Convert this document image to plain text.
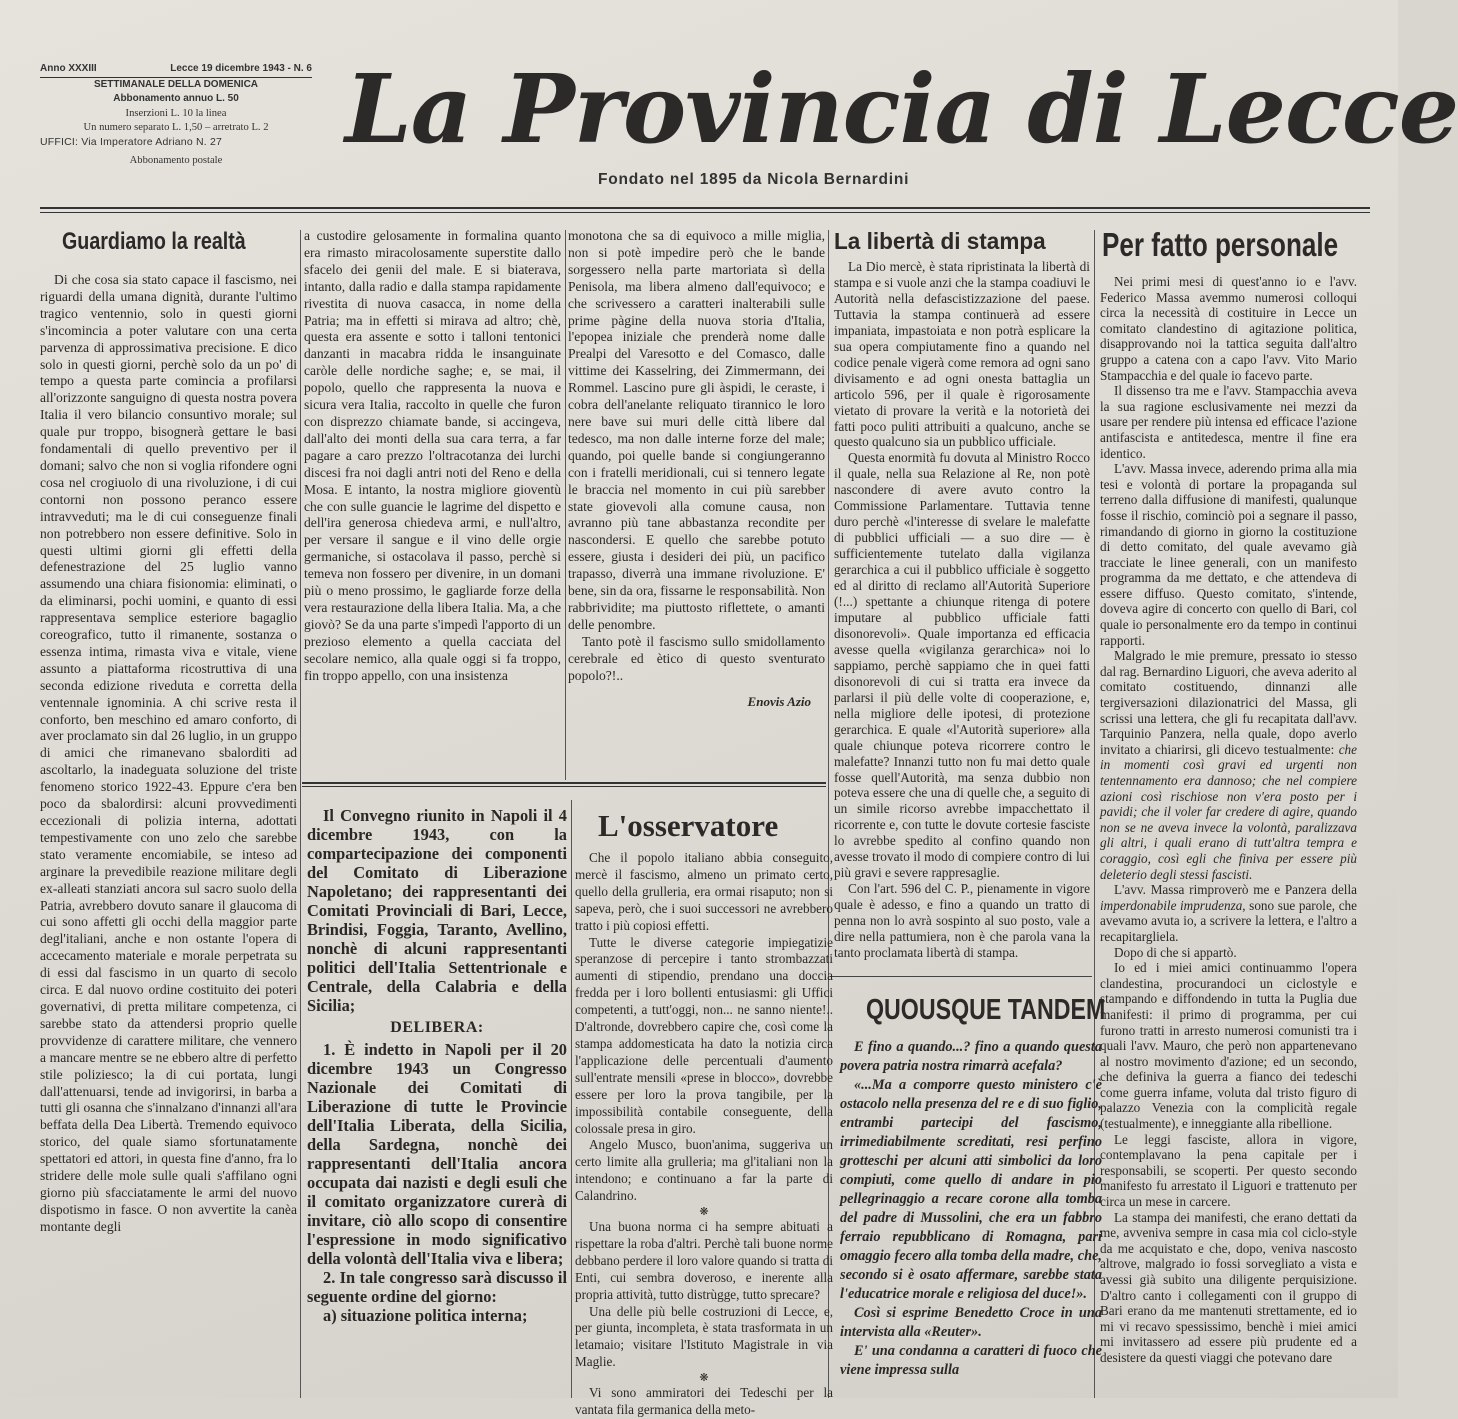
Anno XXXIII	Lecce 19 dicembre 1943 - N. 6
SETTIMANALE DELLA DOMENICA
Abbonamento annuo L. 50
Inserzioni L. 10 la linea
Un numero separato L. 1,50 – arretrato L. 2
UFFICI: Via Imperatore Adriano N. 27
Abbonamento postale	La Provincia di Lecce
Fondato nel 1895 da Nicola Bernardini
Guardiamo la realtà

Di che cosa sia stato capace il fascismo, nei riguardi della umana dignità, durante l'ultimo tragico ventennio, solo in questi giorni s'incomincia a poter valutare con una certa parvenza di approssimativa precisione. E dico solo in questi giorni, perchè solo da un po' di tempo a questa parte comincia a profilarsi all'orizzonte sanguigno di questa nostra povera Italia il vero bilancio consuntivo morale; sul quale pur troppo, bisognerà gettare le basi fondamentali di quello preventivo per il domani; salvo che non si voglia rifondere ogni cosa nel crogiuolo di una rivoluzione, i di cui contorni non possono peranco essere intravveduti; ma le di cui conseguenze finali non potrebbero non essere definitive. Solo in questi ultimi giorni gli effetti della defenestrazione del 25 luglio vanno assumendo una chiara fisionomia: eliminati, o da eliminarsi, pochi uomini, e quanto di essi rappresentava semplice esteriore bagaglio coreografico, tutto il rimanente, sostanza o essenza intima, rimasta viva e vitale, viene assunto a piattaforma ricostruttiva di una seconda edizione riveduta e corretta della ventennale ignominia. A chi scrive resta il conforto, ben meschino ed amaro conforto, di aver proclamato sin dal 26 luglio, in un gruppo di amici che rimanevano sbalorditi ad ascoltarlo, la inadeguata soluzione del triste fenomeno storico 1922-43. Eppure c'era ben poco da sbalordirsi: alcuni provvedimenti eccezionali di polizia interna, adottati tempestivamente con uno zelo che sarebbe stato veramente encomiabile, se inteso ad arginare la prevedibile reazione militare degli ex-alleati stanziati ancora sul sacro suolo della Patria, avrebbero dovuto sanare il glaucoma di cui sono affetti gli occhi della maggior parte degl'italiani, anche e non ostante l'opera di accecamento materiale e morale perpetrata su di essi dal fascismo in un quarto di secolo circa. E dal nuovo ordine costituito dei poteri governativi, di pretta militare competenza, ci sarebbe stato da attendersi proprio quelle provvidenze di carattere militare, che vennero a mancare mentre se ne ebbero altre di perfetto stile poliziesco; la di cui portata, lungi dall'attenuarsi, tende ad invigorirsi, in barba a tutti gli osanna che s'innalzano d'innanzi all'ara beffata della Dea Libertà. Tremendo equivoco storico, del quale siamo sfortunatamente spettatori ed attori, in questa fine d'anno, fra lo stridere delle mole sulle quali s'affilano ogni giorno più sfacciatamente le armi del nuovo dispotismo in fasce. O non avvertite la canèa montante degli

a custodire gelosamente in formalina quanto era rimasto miracolosamente superstite dallo sfacelo dei genii del male. E si biaterava, intanto, dalla radio e dalla stampa rapidamente rivestita di nuova casacca, in nome della Patria; ma in effetti si mirava ad altro; chè, questa era assente e sotto i talloni tentonici danzanti in macabra ridda le insanguinate caròle delle nordiche saghe; e, se mai, il popolo, quello che rappresenta la nuova e sicura vera Italia, raccolto in quelle che furon con disprezzo chiamate bande, si accingeva, dall'alto dei monti della sua cara terra, a far pagare a caro prezzo l'oltracotanza dei lurchi discesi fra noi dagli antri noti del Reno e della Mosa. E intanto, la nostra migliore gioventù che con sulle guancie le lagrime del dispetto e dell'ira generosa chiedeva armi, e null'altro, per versare il sangue e il vino delle orgie germaniche, si ostacolava il passo, perchè si temeva non fossero per divenire, in un domani più o meno prossimo, le gagliarde forze della vera restaurazione della libera Italia. Ma, a che giovò? Se da una parte s'impedì l'apporto di un prezioso elemento a quella cacciata del secolare nemico, alla quale oggi si fa troppo, fin troppo appello, con una insistenza

monotona che sa di equivoco a mille miglia, non si potè impedire però che le bande sorgessero nella parte martoriata sì della Penisola, ma libera almeno dall'equivoco; e che scrivessero a caratteri inalterabili sulle prime pàgine della nuova storia d'Italia, l'epopea iniziale che prenderà nome dalle Prealpi del Varesotto e del Comasco, dalle vittime dei Kasselring, dei Zimmermann, dei Rommel. Lascino pure gli àspidi, le ceraste, i cobra dell'anelante reliquato tirannico le loro nere bave sui muri delle città libere dal tedesco, ma non dalle interne forze del male; quando, poi quelle bande si congiungeranno con i fratelli meridionali, cui si tennero legate le braccia nel momento in cui più sarebber state giovevoli alla comune causa, non avranno più tane abbastanza recondite per nascondersi. E quello che sarebbe potuto essere, giusta i desideri dei più, un pacifico trapasso, diverrà una immane rivoluzione. E' bene, sin da ora, fissarne le responsabilità. Non rabbrividite; ma piuttosto riflettete, o amanti delle penombre.

Tanto potè il fascismo sullo smidollamento cerebrale ed ètico di questo sventurato popolo?!..

Enovis Azio

Il Convegno riunito in Napoli il 4 dicembre 1943, con la compartecipazione dei componenti del Comitato di Liberazione Napoletano; dei rappresentanti dei Comitati Provinciali di Bari, Lecce, Brindisi, Foggia, Taranto, Avellino, nonchè di alcuni rappresentanti politici dell'Italia Settentrionale e Centrale, della Calabria e della Sicilia;

DELIBERA:

1. È indetto in Napoli per il 20 dicembre 1943 un Congresso Nazionale dei Comitati di Liberazione di tutte le Provincie dell'Italia Liberata, della Sicilia, della Sardegna, nonchè dei rappresentanti dell'Italia ancora occupata dai nazisti e degli esuli che il comitato organizzatore curerà di invitare, ciò allo scopo di consentire l'espressione in modo significativo della volontà dell'Italia viva e libera;

2. In tale congresso sarà discusso il seguente ordine del giorno:

a) situazione politica interna;

L'osservatore

Che il popolo italiano abbia conseguito, mercè il fascismo, almeno un primato certo, quello della grulleria, era ormai risaputo; non si sapeva, però, che i suoi successori ne avrebbero tratto i più copiosi effetti.

Tutte le diverse categorie impiegatizie speranzose di percepire i tanto strombazzati aumenti di stipendio, prendano una doccia fredda per i loro bollenti entusiasmi: gli Uffici competenti, a tutt'oggi, non... ne sanno niente!.. D'altronde, dovrebbero capire che, così come la stampa addomesticata ha dato la notizia circa l'applicazione delle percentuali d'aumento sull'entrate mensili «prese in blocco», dovrebbe essere per loro la prova tangibile, per la impossibilità contabile conseguente, della colossale presa in giro.

Angelo Musco, buon'anima, suggeriva un certo limite alla grulleria; ma gl'italiani non la intendono; e continuano a far la parte di Calandrino.

❋

Una buona norma ci ha sempre abituati a rispettare la roba d'altri. Perchè tali buone norme debbano perdere il loro valore quando si tratta di Enti, cui sembra doveroso, e inerente alla propria attività, tutto distrùgge, tutto sprecare?

Una delle più belle costruzioni di Lecce, e, per giunta, incompleta, è stata trasformata in un letamaio; visitare l'Istituto Magistrale in via Maglie.

❋

Vi sono ammiratori dei Tedeschi per la vantata fila germanica della meto-

La libertà di stampa

La Dio mercè, è stata ripristinata la libertà di stampa e si vuole anzi che la stampa coadiuvi le Autorità nella defascistizzazione del paese. Tuttavia la stampa continuerà ad essere impaniata, impastoiata e non potrà esplicare la sua opera compiutamente fino a quando nel codice penale vigerà come remora ad ogni sano divisamento e ad ogni onesta battaglia un articolo 596, per il quale è rigorosamente vietato di provare la verità e la notorietà dei fatti poco puliti attribuiti a qualcuno, anche se questo qualcuno sia un pubblico ufficiale.

Questa enormità fu dovuta al Ministro Rocco il quale, nella sua Relazione al Re, non potè nascondere di avere avuto contro la Commissione Parlamentare. Tuttavia tenne duro perchè «l'interesse di svelare le malefatte di pubblici ufficiali — a suo dire — è sufficientemente tutelato dalla vigilanza gerarchica a cui il pubblico ufficiale è soggetto ed al diritto di reclamo all'Autorità Superiore (!...) spettante a chiunque ritenga di potere imputare al pubblico ufficiale fatti disonorevoli». Quale importanza ed efficacia avesse quella «vigilanza gerarchica» noi lo sappiamo, perchè sappiamo che in quei fatti disonorevoli di cui si tratta era invece da parlarsi il più delle volte di cooperazione, e, nella migliore delle ipotesi, di protezione gerarchica. E quale «l'Autorità superiore» alla quale chiunque poteva ricorrere contro le malefatte? Innanzi tutto non fu mai detto quale fosse quell'Autorità, ma senza dubbio non poteva essere che una di quelle che, a seguito di un simile ricorso avrebbe impacchettato il ricorrente e, con tutte le dovute cortesie fasciste lo avrebbe spedito al confino quando non avesse trovato il modo di compiere contro di lui più gravi e severe rappresaglie.

Con l'art. 596 del C. P., pienamente in vigore quale è adesso, e fino a quando un tratto di penna non lo avrà sospinto al suo posto, vale a dire nella pattumiera, non è che parola vana la tanto proclamata libertà di stampa.

QUOUSQUE TANDEM

E fino a quando...? fino a quando questa povera patria nostra rimarrà acefala?

«...Ma a comporre questo ministero c'è ostacolo nella presenza del re e di suo figlio, entrambi partecipi del fascismo, irrimediabilmente screditati, resi perfino grotteschi per alcuni atti simbolici da loro compiuti, come quello di andare in pio pellegrinaggio a recare corone alla tomba del padre di Mussolini, che era un fabbro ferraio repubblicano di Romagna, pari omaggio fecero alla tomba della madre, che, secondo si è osato affermare, sarebbe stata l'educatrice morale e religiosa del duce!».

Così si esprime Benedetto Croce in una intervista alla «Reuter».

E' una condanna a caratteri di fuoco che viene impressa sulla

Per fatto personale

Nei primi mesi di quest'anno io e l'avv. Federico Massa avemmo numerosi colloqui circa la necessità di costituire in Lecce un comitato clandestino di agitazione politica, disapprovando noi la tattica seguita dall'altro gruppo a catena con a capo l'avv. Vito Mario Stampacchia e del quale io facevo parte.

Il dissenso tra me e l'avv. Stampacchia aveva la sua ragione esclusivamente nei mezzi da usare per rendere più intensa ed efficace l'azione antifascista e antitedesca, mentre il fine era identico.

L'avv. Massa invece, aderendo prima alla mia tesi e volontà di portare la propaganda sul terreno dalla diffusione di manifesti, qualunque fosse il rischio, cominciò poi a segnare il passo, rimandando di giorno in giorno la costituzione di detto comitato, del quale avevamo già tracciate le linee generali, con un manifesto programma da me dettato, e che attendeva di essere diffuso. Questo comitato, s'intende, doveva agire di concerto con quello di Bari, col quale io personalmente ero da tempo in continui rapporti.

Malgrado le mie premure, pressato io stesso dal rag. Bernardino Liguori, che aveva aderito al comitato costituendo, dinnanzi alle tergiversazioni dilazionatrici del Massa, gli scrissi una lettera, che gli fu recapitata dall'avv. Tarquinio Panzera, nella quale, dopo averlo invitato a chiarirsi, gli dicevo testualmente: che in momenti così gravi ed urgenti non tentennamento era dannoso; che nel compiere azioni così rischiose non v'era posto per i pavidi; che il voler far credere di agire, quando non se ne aveva invece la volontà, paralizzava gli altri, i quali erano di tutt'altra tempra e coraggio, così egli che finiva per essere più deleterio degli stessi fascisti.

L'avv. Massa rimproverò me e Panzera della imperdonabile imprudenza, sono sue parole, che avevamo avuta io, a scrivere la lettera, e l'altro a recapitargliela.

Dopo di che si appartò.

Io ed i miei amici continuammo l'opera clandestina, procurandoci un ciclostyle e stampando e diffondendo in tutta la Puglia due manifesti: il primo di programma, per cui furono tratti in arresto numerosi comunisti tra i quali l'avv. Mauro, che però non appartenevano al nostro movimento d'azione; ed un secondo, che definiva la guerra a fianco dei tedeschi come guerra infame, voluta dal tristo figuro di palazzo Venezia con la complicità regale (testualmente), e inneggiante alla ribellione.

Le leggi fasciste, allora in vigore, contemplavano la pena capitale per i responsabili, se scoperti. Per questo secondo manifesto fu arrestato il Liguori e trattenuto per circa un mese in carcere.

La stampa dei manifesti, che erano dettati da me, avveniva sempre in casa mia col ciclo-style da me acquistato e che, dopo, veniva nascosto altrove, malgrado io fossi sorvegliato a vista e avessi già subito una diligente perquisizione. D'altro canto i collegamenti con il gruppo di Bari erano da me mantenuti strettamente, ed io mi vi recavo spessissimo, benchè i miei amici mi invitassero ad essere più prudente ed a desistere da questi viaggi che potevano dare
